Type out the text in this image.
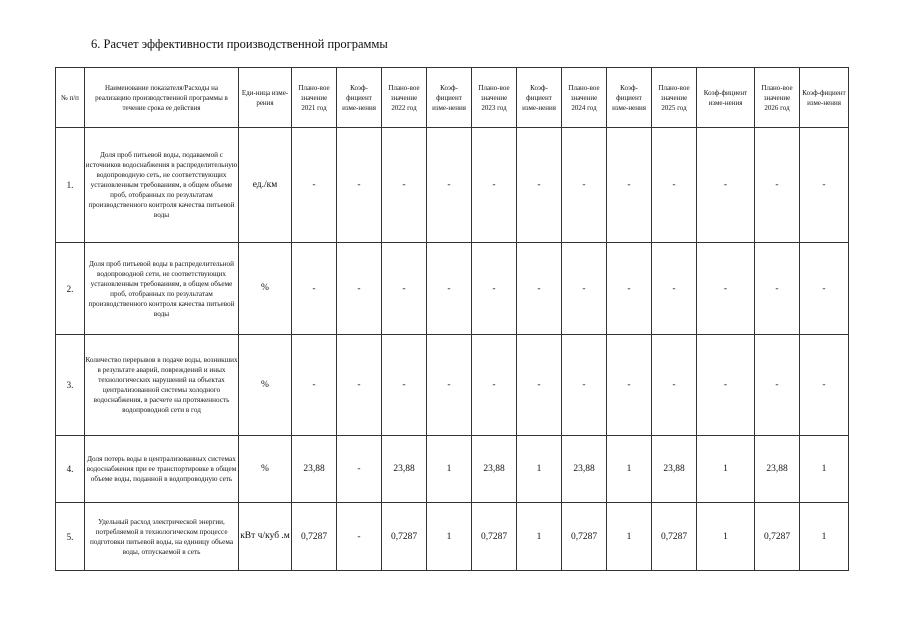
6. Расчет эффективности производственной программы
№ п/п	Наименование показателя/Расходы на реализацию производственной программы в течение срока ее действия	Еди-ница изме-рения	Плано-вое значение 2021 год	Коэф-фициент изме-нения	Плано-вое значение 2022 год	Коэф-фициент изме-нения	Плано-вое значение 2023 год	Коэф-фициент изме-нения	Плано-вое значение 2024 год	Коэф-фициент изме-нения	Плано-вое значение 2025 год	Коэф-фициент изме-нения	Плано-вое значение 2026 год	Коэф-фициент изме-нения

1.	Доля проб питьевой воды, подаваемой с источников водоснабжения в распределительную водопроводную сеть, не соответствующих установленным требованиям, в общем объеме проб, отобранных по результатам производственного контроля качества питьевой воды	ед./км	-	-	-	-	-	-	-	-	-	-	-	-
2.	Доля проб питьевой воды в распределительной водопроводной сети, не соответствующих установленным требованиям, в общем объеме проб, отобранных по результатам производственного контроля качества питьевой воды	%	-	-	-	-	-	-	-	-	-	-	-	-
3.	Количество перерывов в подаче воды, возникших в результате аварий, повреждений и иных технологических нарушений на объектах централизованной системы холодного водоснабжения, в расчете на протяженность водопроводной сети в год	%	-	-	-	-	-	-	-	-	-	-	-	-
4.	Доля потерь воды в централизованных системах водоснабжения при ее транспортировке в общем объеме воды, поданной в водопроводную сеть	%	23,88	-	23,88	1	23,88	1	23,88	1	23,88	1	23,88	1
5.	Удельный расход электрической энергии, потребляемой в технологическом процессе подготовки питьевой воды, на единицу объема воды, отпускаемой в сеть	кВт ч/куб .м	0,7287	-	0,7287	1	0,7287	1	0,7287	1	0,7287	1	0,7287	1
